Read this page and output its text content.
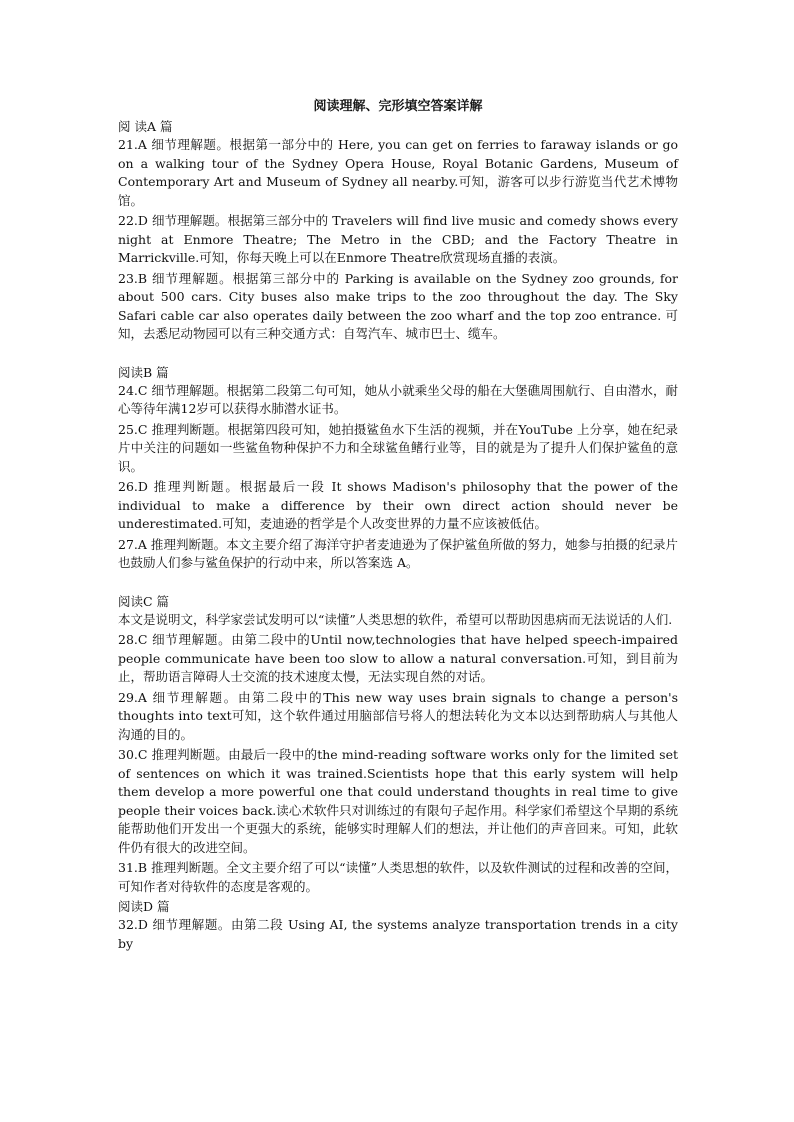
阅读理解、完形填空答案详解

阅 读A 篇

21.A 细节理解题。根据第一部分中的 Here, you can get on ferries to faraway islands or go on a walking tour of the Sydney Opera House, Royal Botanic Gardens, Museum of Contemporary Art and Museum of Sydney all nearby.可知，游客可以步行游览当代艺术博物馆。

22.D 细节理解题。根据第三部分中的 Travelers will find live music and comedy shows every night at Enmore Theatre; The Metro in the CBD; and the Factory Theatre in Marrickville.可知，你每天晚上可以在Enmore Theatre欣赏现场直播的表演。

23.B 细节理解题。根据第三部分中的 Parking is available on the Sydney zoo grounds, for about 500 cars. City buses also make trips to the zoo throughout the day. The Sky Safari cable car also operates daily between the zoo wharf and the top zoo entrance. 可知，去悉尼动物园可以有三种交通方式：自驾汽车、城市巴士、缆车。

阅读B 篇

24.C 细节理解题。根据第二段第二句可知，她从小就乘坐父母的船在大堡礁周围航行、自由潜水，耐心等待年满12岁可以获得水肺潜水证书。

25.C 推理判断题。根据第四段可知，她拍摄鲨鱼水下生活的视频，并在YouTube 上分享，她在纪录片中关注的问题如一些鲨鱼物种保护不力和全球鲨鱼鳍行业等，目的就是为了提升人们保护鲨鱼的意识。

26.D 推理判断题。根据最后一段 It shows Madison's philosophy that the power of the individual to make a difference by their own direct action should never be underestimated.可知，麦迪逊的哲学是个人改变世界的力量不应该被低估。

27.A 推理判断题。本文主要介绍了海洋守护者麦迪逊为了保护鲨鱼所做的努力，她参与拍摄的纪录片也鼓励人们参与鲨鱼保护的行动中来，所以答案选 A。

阅读C 篇

本文是说明文，科学家尝试发明可以“读懂”人类思想的软件，希望可以帮助因患病而无法说话的人们.

28.C 细节理解题。由第二段中的Until now,technologies that have helped speech-impaired people communicate have been too slow to allow a natural conversation.可知，到目前为止，帮助语言障碍人士交流的技术速度太慢，无法实现自然的对话。

29.A 细节理解题。由第二段中的This new way uses brain signals to change a person's thoughts into text可知，这个软件通过用脑部信号将人的想法转化为文本以达到帮助病人与其他人沟通的目的。

30.C 推理判断题。由最后一段中的the mind-reading software works only for the limited set of sentences on which it was trained.Scientists hope that this early system will help them develop a more powerful one that could understand thoughts in real time to give people their voices back.读心术软件只对训练过的有限句子起作用。科学家们希望这个早期的系统能帮助他们开发出一个更强大的系统，能够实时理解人们的想法，并让他们的声音回来。可知，此软件仍有很大的改进空间。

31.B 推理判断题。全文主要介绍了可以“读懂”人类思想的软件，以及软件测试的过程和改善的空间，可知作者对待软件的态度是客观的。

阅读D 篇

32.D 细节理解题。由第二段 Using AI, the systems analyze transportation trends in a city by
